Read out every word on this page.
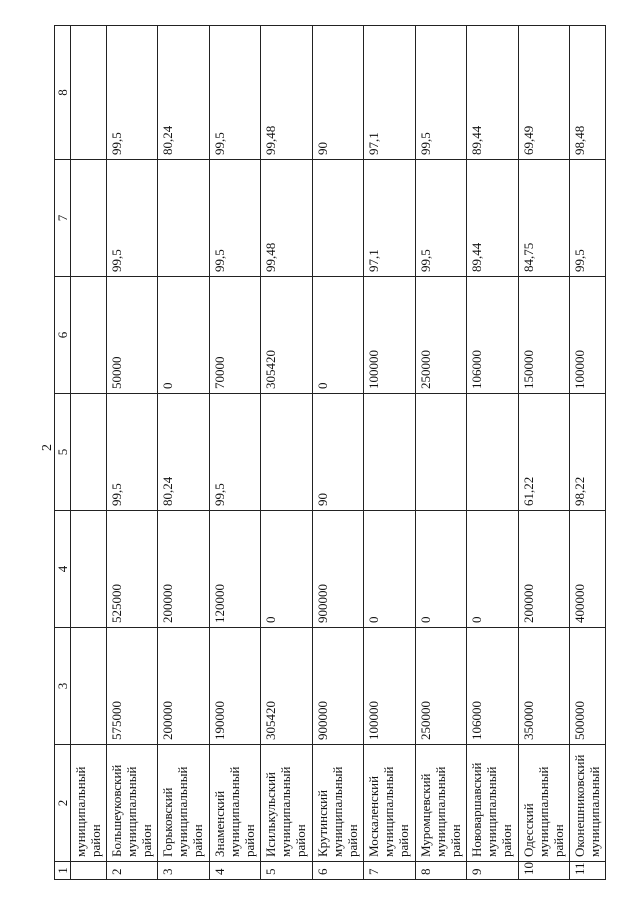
2
1	2	3	4	5	6	7	8
	муниципальный район						
2	Большеуковский муниципальный район	575000	525000	99,5	50000	99,5	99,5
3	Горьковский муниципальный район	200000	200000	80,24	0		80,24
4	Знаменский муниципальный район	190000	120000	99,5	70000	99,5	99,5
5	Исилькульский муниципальный район	305420	0		305420	99,48	99,48
6	Крутинский муниципальный район	900000	900000	90	0		90
7	Москаленский муниципальный район	100000	0		100000	97,1	97,1
8	Муромцевский муниципальный район	250000	0		250000	99,5	99,5
9	Нововаршавский муниципальный район	106000	0		106000	89,44	89,44
10	Одесский муниципальный район	350000	200000	61,22	150000	84,75	69,49
11	Оконешниковский муниципальный	500000	400000	98,22	100000	99,5	98,48
